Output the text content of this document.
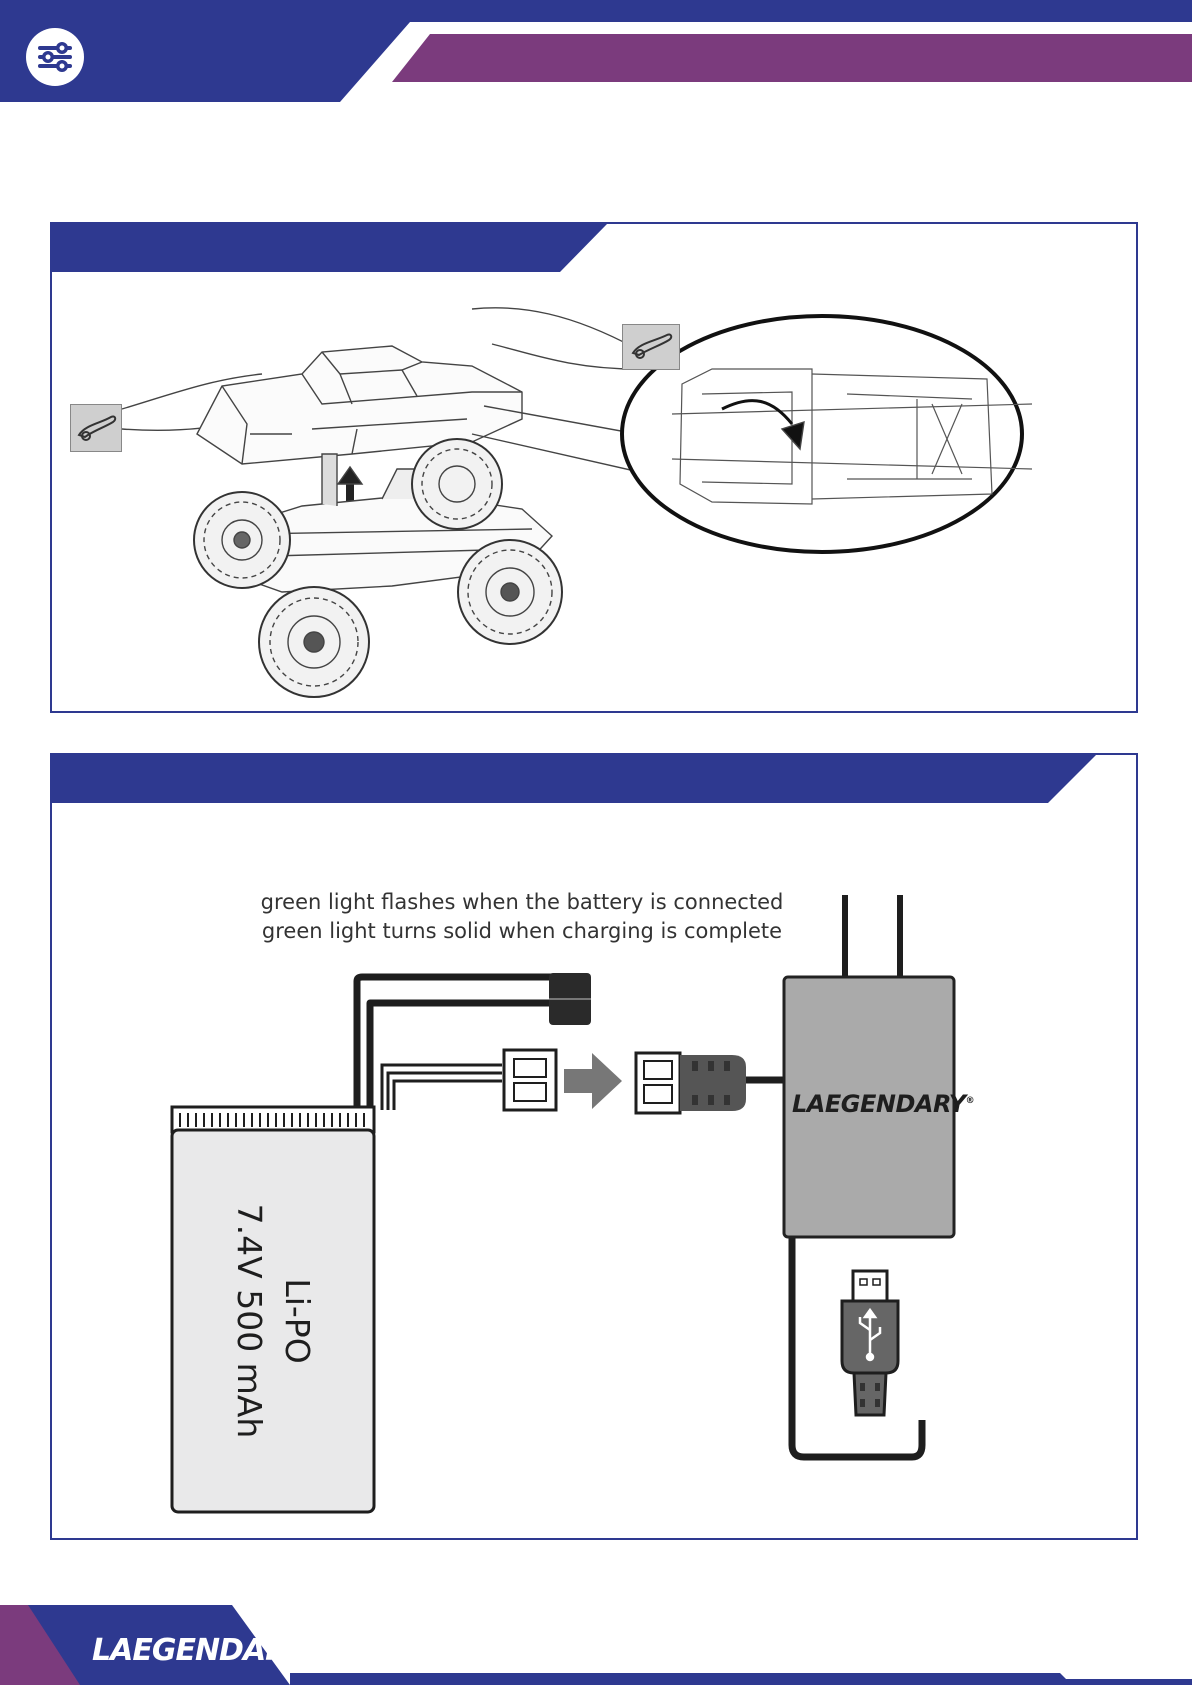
green light flashes when the battery is connected
green light turns solid when charging is complete
Li-PO
7.4V 500 mAh
LAEGENDARY®
LAEGENDARY
